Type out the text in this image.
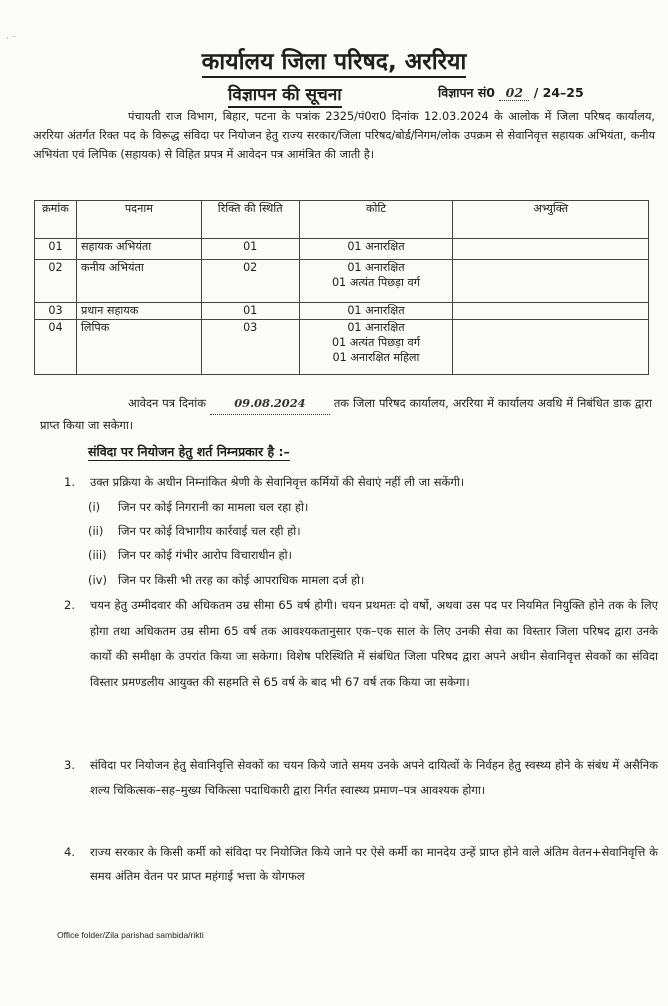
· ⁻
कार्यालय जिला परिषद, अररिया
विज्ञापन की सूचना	विज्ञापन सं0 02 / 24–25
पंचायती राज विभाग, बिहार, पटना के पत्रांक 2325/पं0रा0 दिनांक 12.03.2024 के आलोक में जिला परिषद कार्यालय, अररिया अंतर्गत रिक्त पद के विरूद्ध संविदा पर नियोजन हेतु राज्य सरकार/जिला परिषद/बोर्ड/निगम/लोक उपक्रम से सेवानिवृत्त सहायक अभियंता, कनीय अभियंता एवं लिपिक (सहायक) से विहित प्रपत्र में आवेदन पत्र आमंत्रित की जाती है।
क्रमांक	पदनाम	रिक्ति की स्थिति	कोटि	अभ्युक्ति
01	सहायक अभियंता	01	01 अनारक्षित	

02	कनीय अभियंता	02	01 अनारक्षित
01 अत्यंत पिछड़ा वर्ग	

03	प्रधान सहायक	01	01 अनारक्षित	

04	लिपिक	03	01 अनारक्षित
01 अत्यंत पिछड़ा वर्ग
01 अनारक्षित महिला	

आवेदन पत्र दिनांक 09.08.2024 तक जिला परिषद कार्यालय, अररिया में कार्यालय अवधि में निबंधित डाक द्वारा प्राप्त किया जा सकेगा।
संविदा पर नियोजन हेतु शर्त निम्नप्रकार है :–
1. उक्त प्रक्रिया के अधीन निम्नांकित श्रेणी के सेवानिवृत्त कर्मियों की सेवाएं नहीं ली जा सकेंगी।
(i) जिन पर कोई निगरानी का मामला चल रहा हो।
(ii) जिन पर कोई विभागीय कार्रवाई चल रही हो।
(iii) जिन पर कोई गंभीर आरोप विचाराधीन हो।
(iv) जिन पर किसी भी तरह का कोई आपराधिक मामला दर्ज हो।
2. चयन हेतु उम्मीदवार की अधिकतम उम्र सीमा 65 वर्ष होगी। चयन प्रथमतः दो वर्षो, अथवा उस पद पर नियमित नियुक्ति होने तक के लिए होगा तथा अधिकतम उम्र सीमा 65 वर्ष तक आवश्यकतानुसार एक–एक साल के लिए उनकी सेवा का विस्तार जिला परिषद द्वारा उनके कार्यो की समीक्षा के उपरांत किया जा सकेगा। विशेष परिस्थिति में संबंधित जिला परिषद द्वारा अपने अधीन सेवानिवृत्त सेवकों का संविदा विस्तार प्रमण्डलीय आयुक्त की सहमति से 65 वर्ष के बाद भी 67 वर्ष तक किया जा सकेगा।
3. संविदा पर नियोजन हेतु सेवानिवृत्ति सेवकों का चयन किये जाते समय उनके अपने दायित्वों के निर्वहन हेतु स्वस्थ्य होने के संबंध में असैनिक शल्य चिकित्सक–सह–मुख्य चिकित्सा पदाधिकारी द्वारा निर्गत स्वास्थ्य प्रमाण–पत्र आवश्यक होगा।
4. राज्य सरकार के किसी कर्मी को संविदा पर नियोजित किये जाने पर ऐसे कर्मी का मानदेय उन्हें प्राप्त होने वाले अंतिम वेतन+सेवानिवृत्ति के समय अंतिम वेतन पर प्राप्त महंगाई भत्ता के योगफल
Office folder/Zila parishad sambida/rikti
